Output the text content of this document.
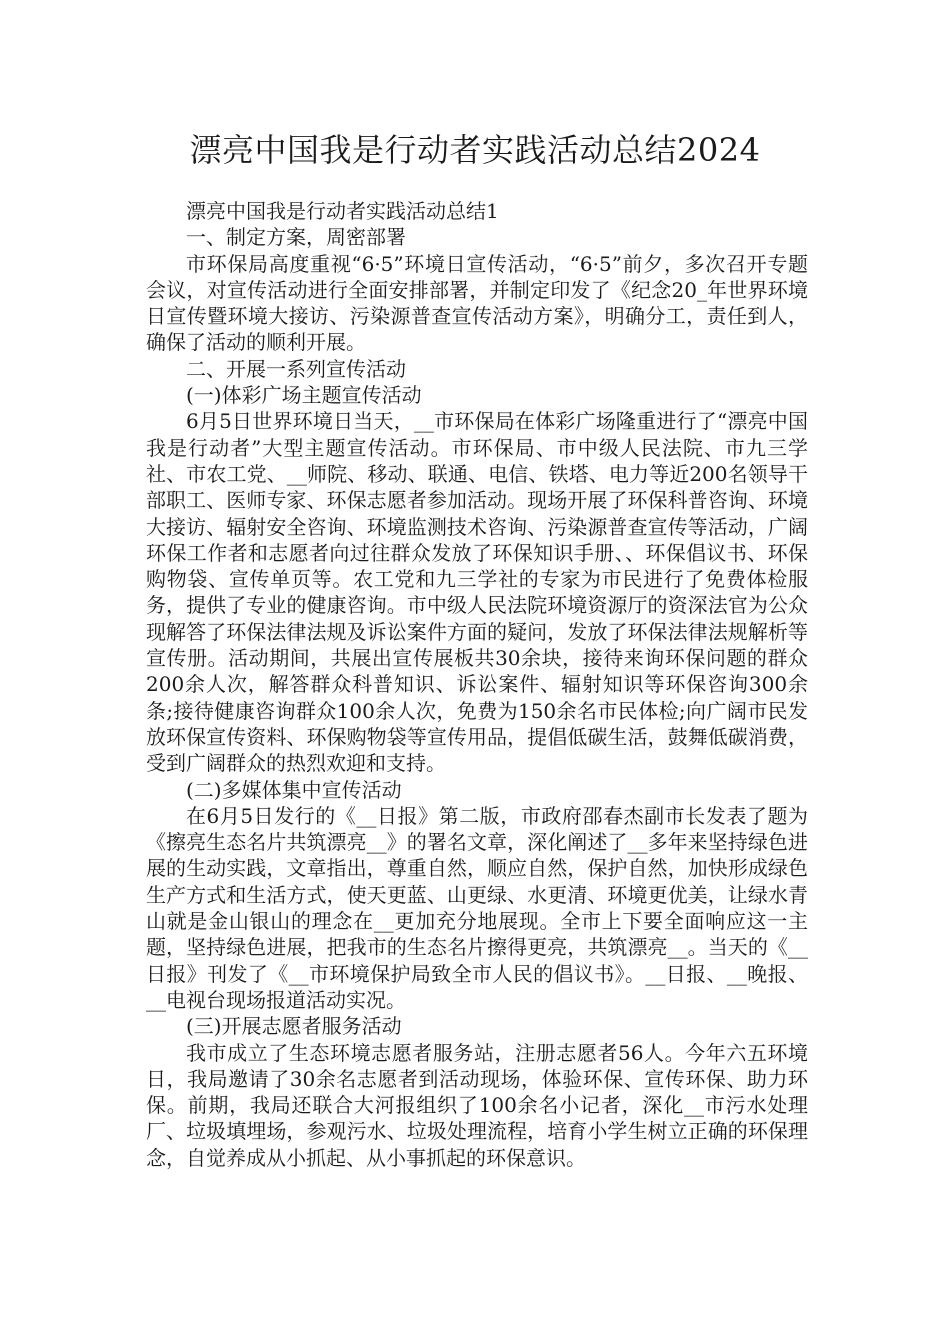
漂亮中国我是行动者实践活动总结2024

漂亮中国我是行动者实践活动总结1

一、制定方案，周密部署

市环保局高度重视“6·5”环境日宣传活动，“6·5”前夕，多次召开专题会议，对宣传活动进行全面安排部署，并制定印发了《纪念20_年世界环境日宣传暨环境大接访、污染源普查宣传活动方案》，明确分工，责任到人，确保了活动的顺利开展。

二、开展一系列宣传活动

(一)体彩广场主题宣传活动

6月5日世界环境日当天，__市环保局在体彩广场隆重进行了“漂亮中国我是行动者”大型主题宣传活动。市环保局、市中级人民法院、市九三学社、市农工党、__师院、移动、联通、电信、铁塔、电力等近200名领导干部职工、医师专家、环保志愿者参加活动。现场开展了环保科普咨询、环境大接访、辐射安全咨询、环境监测技术咨询、污染源普查宣传等活动，广阔环保工作者和志愿者向过往群众发放了环保知识手册、、环保倡议书、环保购物袋、宣传单页等。农工党和九三学社的专家为市民进行了免费体检服务，提供了专业的健康咨询。市中级人民法院环境资源厅的资深法官为公众现解答了环保法律法规及诉讼案件方面的疑问，发放了环保法律法规解析等宣传册。活动期间，共展出宣传展板共30余块，接待来询环保问题的群众200余人次，解答群众科普知识、诉讼案件、辐射知识等环保咨询300余条;接待健康咨询群众100余人次，免费为150余名市民体检;向广阔市民发放环保宣传资料、环保购物袋等宣传用品，提倡低碳生活，鼓舞低碳消费，受到广阔群众的热烈欢迎和支持。

(二)多媒体集中宣传活动

在6月5日发行的《__日报》第二版，市政府邵春杰副市长发表了题为《擦亮生态名片共筑漂亮__》的署名文章，深化阐述了__多年来坚持绿色进展的生动实践，文章指出，尊重自然，顺应自然，保护自然，加快形成绿色生产方式和生活方式，使天更蓝、山更绿、水更清、环境更优美，让绿水青山就是金山银山的理念在__更加充分地展现。全市上下要全面响应这一主题，坚持绿色进展，把我市的生态名片擦得更亮，共筑漂亮__。当天的《__日报》刊发了《__市环境保护局致全市人民的倡议书》。__日报、__晚报、__电视台现场报道活动实况。

(三)开展志愿者服务活动

我市成立了生态环境志愿者服务站，注册志愿者56人。今年六五环境日，我局邀请了30余名志愿者到活动现场，体验环保、宣传环保、助力环保。前期，我局还联合大河报组织了100余名小记者，深化__市污水处理厂、垃圾填埋场，参观污水、垃圾处理流程，培育小学生树立正确的环保理念，自觉养成从小抓起、从小事抓起的环保意识。
